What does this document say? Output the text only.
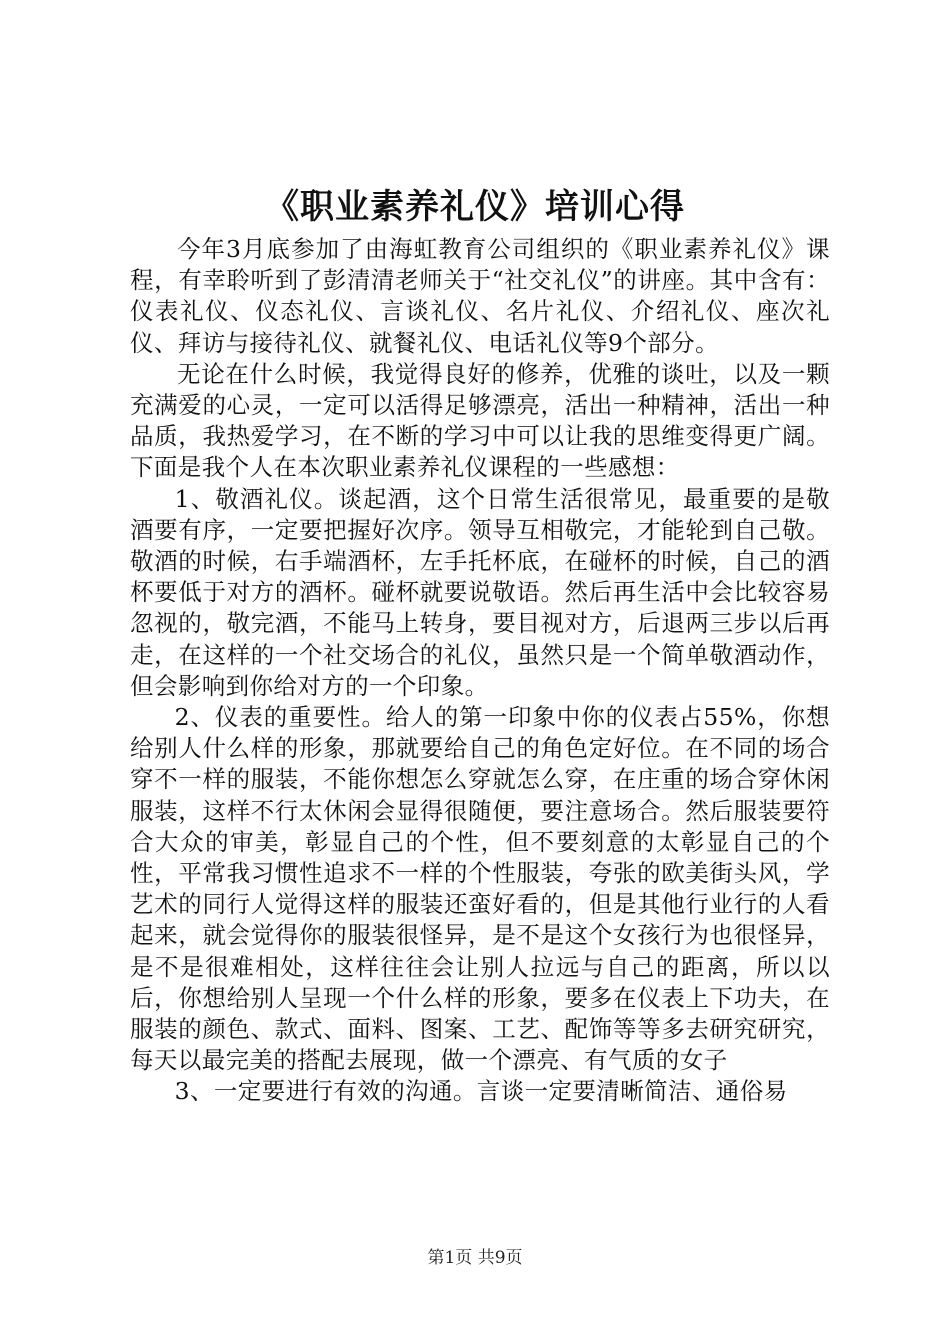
《职业素养礼仪》培训心得

今年3月底参加了由海虹教育公司组织的《职业素养礼仪》课程，有幸聆听到了彭清清老师关于“社交礼仪”的讲座。其中含有：仪表礼仪、仪态礼仪、言谈礼仪、名片礼仪、介绍礼仪、座次礼仪、拜访与接待礼仪、就餐礼仪、电话礼仪等9个部分。

无论在什么时候，我觉得良好的修养，优雅的谈吐，以及一颗充满爱的心灵，一定可以活得足够漂亮，活出一种精神，活出一种品质，我热爱学习，在不断的学习中可以让我的思维变得更广阔。下面是我个人在本次职业素养礼仪课程的一些感想：

1、敬酒礼仪。谈起酒，这个日常生活很常见，最重要的是敬酒要有序，一定要把握好次序。领导互相敬完，才能轮到自己敬。敬酒的时候，右手端酒杯，左手托杯底，在碰杯的时候，自己的酒杯要低于对方的酒杯。碰杯就要说敬语。然后再生活中会比较容易忽视的，敬完酒，不能马上转身，要目视对方，后退两三步以后再走，在这样的一个社交场合的礼仪，虽然只是一个简单敬酒动作，但会影响到你给对方的一个印象。

2、仪表的重要性。给人的第一印象中你的仪表占55%，你想给别人什么样的形象，那就要给自己的角色定好位。在不同的场合穿不一样的服装，不能你想怎么穿就怎么穿，在庄重的场合穿休闲服装，这样不行太休闲会显得很随便，要注意场合。然后服装要符合大众的审美，彰显自己的个性，但不要刻意的太彰显自己的个性，平常我习惯性追求不一样的个性服装，夸张的欧美街头风，学艺术的同行人觉得这样的服装还蛮好看的，但是其他行业行的人看起来，就会觉得你的服装很怪异，是不是这个女孩行为也很怪异，是不是很难相处，这样往往会让别人拉远与自己的距离，所以以后，你想给别人呈现一个什么样的形象，要多在仪表上下功夫，在服装的颜色、款式、面料、图案、工艺、配饰等等多去研究研究，每天以最完美的搭配去展现，做一个漂亮、有气质的女子

3、一定要进行有效的沟通。言谈一定要清晰简洁、通俗易

第1页 共9页
